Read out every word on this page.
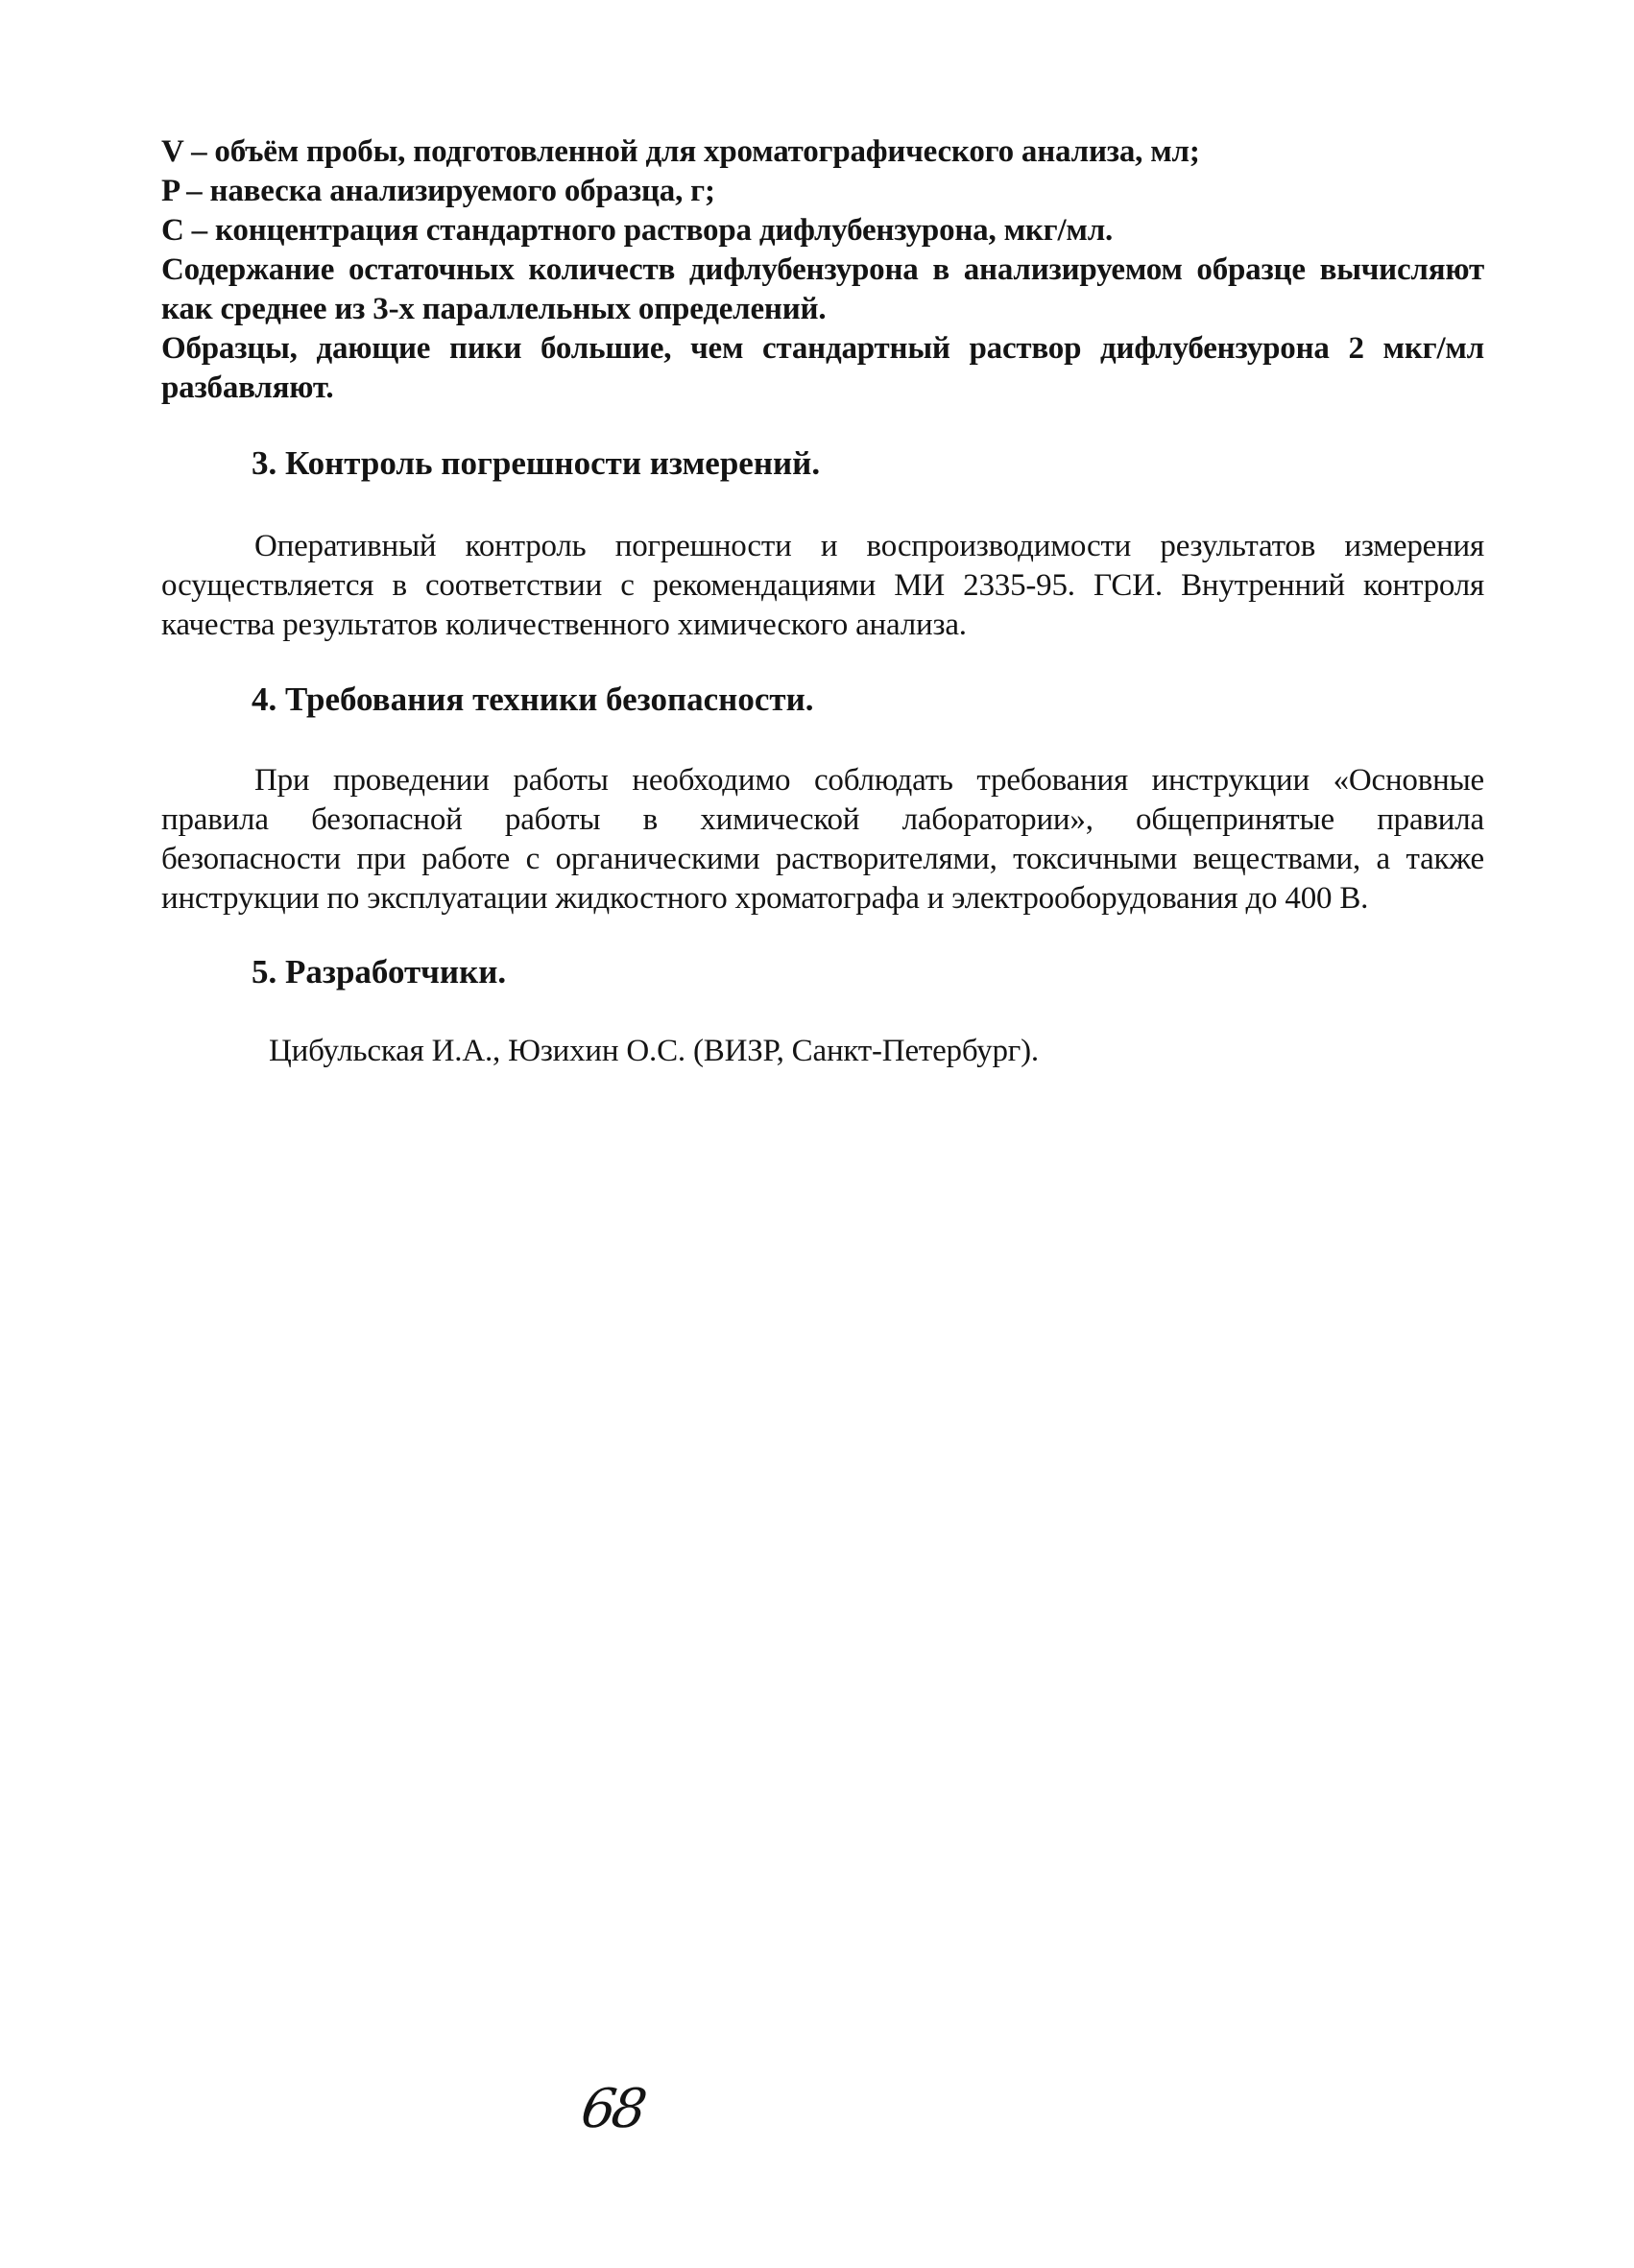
V – объём пробы, подготовленной для хроматографического анализа, мл;
P – навеска анализируемого образца, г;
С – концентрация стандартного раствора дифлубензурона, мкг/мл.
Содержание остаточных количеств дифлубензурона в анализируемом образце вычисляют
как среднее из 3-х параллельных определений.
Образцы, дающие пики большие, чем стандартный раствор дифлубензурона 2 мкг/мл
разбавляют.
3. Контроль погрешности измерений.
Оперативный контроль погрешности и воспроизводимости результатов измерения
осуществляется в соответствии с рекомендациями МИ 2335-95. ГСИ. Внутренний контроля
качества результатов количественного химического анализа.
4. Требования техники безопасности.
При проведении работы необходимо соблюдать требования инструкции «Основные
правила безопасной работы в химической лаборатории», общепринятые правила
безопасности при работе с органическими растворителями, токсичными веществами, а также
инструкции по эксплуатации жидкостного хроматографа и электрооборудования до 400 В.
5. Разработчики.
Цибульская И.А., Юзихин О.С. (ВИЗР, Санкт-Петербург).
68
